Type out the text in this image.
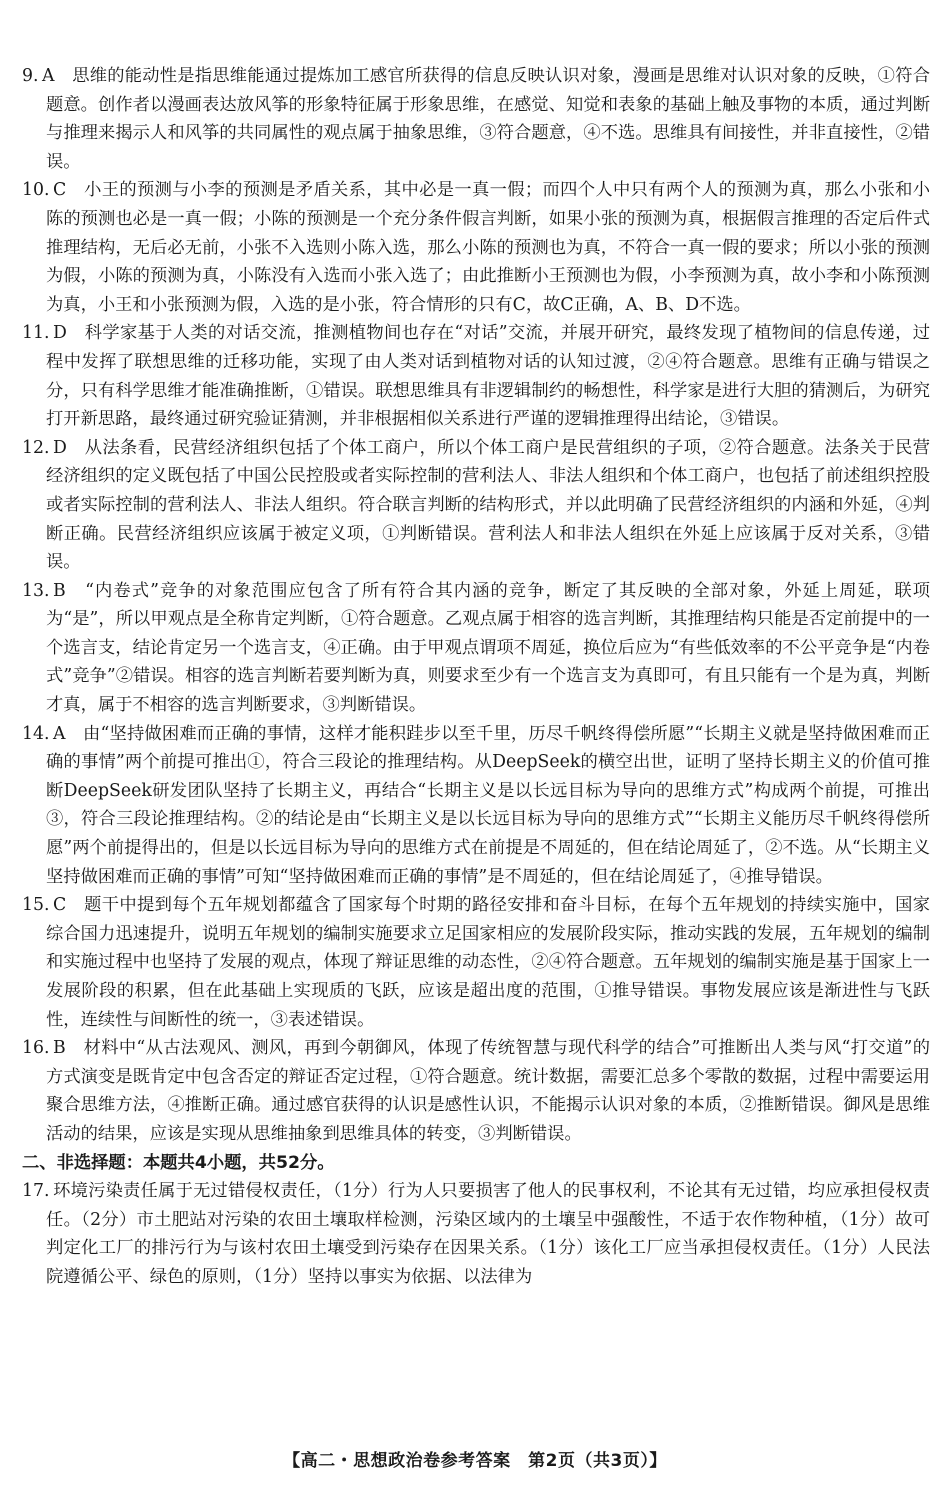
9.  A　 思维的能动性是指思维能通过提炼加工感官所获得的信息反映认识对象，漫画是思维对认识对象的反映，①符合题意。创作者以漫画表达放风筝的形象特征属于形象思维，在感觉、知觉和表象的基础上触及事物的本质，通过判断与推理来揭示人和风筝的共同属性的观点属于抽象思维，③符合题意，④不选。思维具有间接性，并非直接性，②错误。

10.  C　 小王的预测与小李的预测是矛盾关系，其中必是一真一假；而四个人中只有两个人的预测为真，那么小张和小陈的预测也必是一真一假；小陈的预测是一个充分条件假言判断，如果小张的预测为真，根据假言推理的否定后件式推理结构，无后必无前，小张不入选则小陈入选，那么小陈的预测也为真，不符合一真一假的要求；所以小张的预测为假，小陈的预测为真，小陈没有入选而小张入选了；由此推断小王预测也为假，小李预测为真，故小李和小陈预测为真，小王和小张预测为假，入选的是小张，符合情形的只有C，故C正确，A、B、D不选。

11.  D　 科学家基于人类的对话交流，推测植物间也存在“对话”交流，并展开研究，最终发现了植物间的信息传递，过程中发挥了联想思维的迁移功能，实现了由人类对话到植物对话的认知过渡，②④符合题意。思维有正确与错误之分，只有科学思维才能准确推断，①错误。联想思维具有非逻辑制约的畅想性，科学家是进行大胆的猜测后，为研究打开新思路，最终通过研究验证猜测，并非根据相似关系进行严谨的逻辑推理得出结论，③错误。

12.  D　 从法条看，民营经济组织包括了个体工商户，所以个体工商户是民营组织的子项，②符合题意。法条关于民营经济组织的定义既包括了中国公民控股或者实际控制的营利法人、非法人组织和个体工商户，也包括了前述组织控股或者实际控制的营利法人、非法人组织。符合联言判断的结构形式，并以此明确了民营经济组织的内涵和外延，④判断正确。民营经济组织应该属于被定义项，①判断错误。营利法人和非法人组织在外延上应该属于反对关系，③错误。

13.  B　 “内卷式”竞争的对象范围应包含了所有符合其内涵的竞争，断定了其反映的全部对象，外延上周延，联项为“是”，所以甲观点是全称肯定判断，①符合题意。乙观点属于相容的选言判断，其推理结构只能是否定前提中的一个选言支，结论肯定另一个选言支，④正确。由于甲观点谓项不周延，换位后应为“有些低效率的不公平竞争是“内卷式”竞争”②错误。相容的选言判断若要判断为真，则要求至少有一个选言支为真即可，有且只能有一个是为真，判断才真，属于不相容的选言判断要求，③判断错误。

14.  A　 由“坚持做困难而正确的事情，这样才能积跬步以至千里，历尽千帆终得偿所愿”“长期主义就是坚持做困难而正确的事情”两个前提可推出①，符合三段论的推理结构。从DeepSeek的横空出世，证明了坚持长期主义的价值可推断DeepSeek研发团队坚持了长期主义，再结合“长期主义是以长远目标为导向的思维方式”构成两个前提，可推出③，符合三段论推理结构。②的结论是由“长期主义是以长远目标为导向的思维方式”“长期主义能历尽千帆终得偿所愿”两个前提得出的，但是以长远目标为导向的思维方式在前提是不周延的，但在结论周延了，②不选。从“长期主义坚持做困难而正确的事情”可知“坚持做困难而正确的事情”是不周延的，但在结论周延了，④推导错误。

15.  C　 题干中提到每个五年规划都蕴含了国家每个时期的路径安排和奋斗目标，在每个五年规划的持续实施中，国家综合国力迅速提升，说明五年规划的编制实施要求立足国家相应的发展阶段实际，推动实践的发展，五年规划的编制和实施过程中也坚持了发展的观点，体现了辩证思维的动态性，②④符合题意。五年规划的编制实施是基于国家上一发展阶段的积累，但在此基础上实现质的飞跃，应该是超出度的范围，①推导错误。事物发展应该是渐进性与飞跃性，连续性与间断性的统一，③表述错误。

16.  B　 材料中“从古法观风、测风，再到今朝御风，体现了传统智慧与现代科学的结合”可推断出人类与风“打交道”的方式演变是既肯定中包含否定的辩证否定过程，①符合题意。统计数据，需要汇总多个零散的数据，过程中需要运用聚合思维方法，④推断正确。通过感官获得的认识是感性认识，不能揭示认识对象的本质，②推断错误。御风是思维活动的结果，应该是实现从思维抽象到思维具体的转变，③判断错误。

二、非选择题：本题共4小题，共52分。

17.  环境污染责任属于无过错侵权责任，（1分）行为人只要损害了他人的民事权利，不论其有无过错，均应承担侵权责任。（2分）市土肥站对污染的农田土壤取样检测，污染区域内的土壤呈中强酸性，不适于农作物种植，（1分）故可判定化工厂的排污行为与该村农田土壤受到污染存在因果关系。（1分）该化工厂应当承担侵权责任。（1分）人民法院遵循公平、绿色的原则，（1分）坚持以事实为依据、以法律为

【高二・思想政治卷参考答案　第2页（共3页）】
